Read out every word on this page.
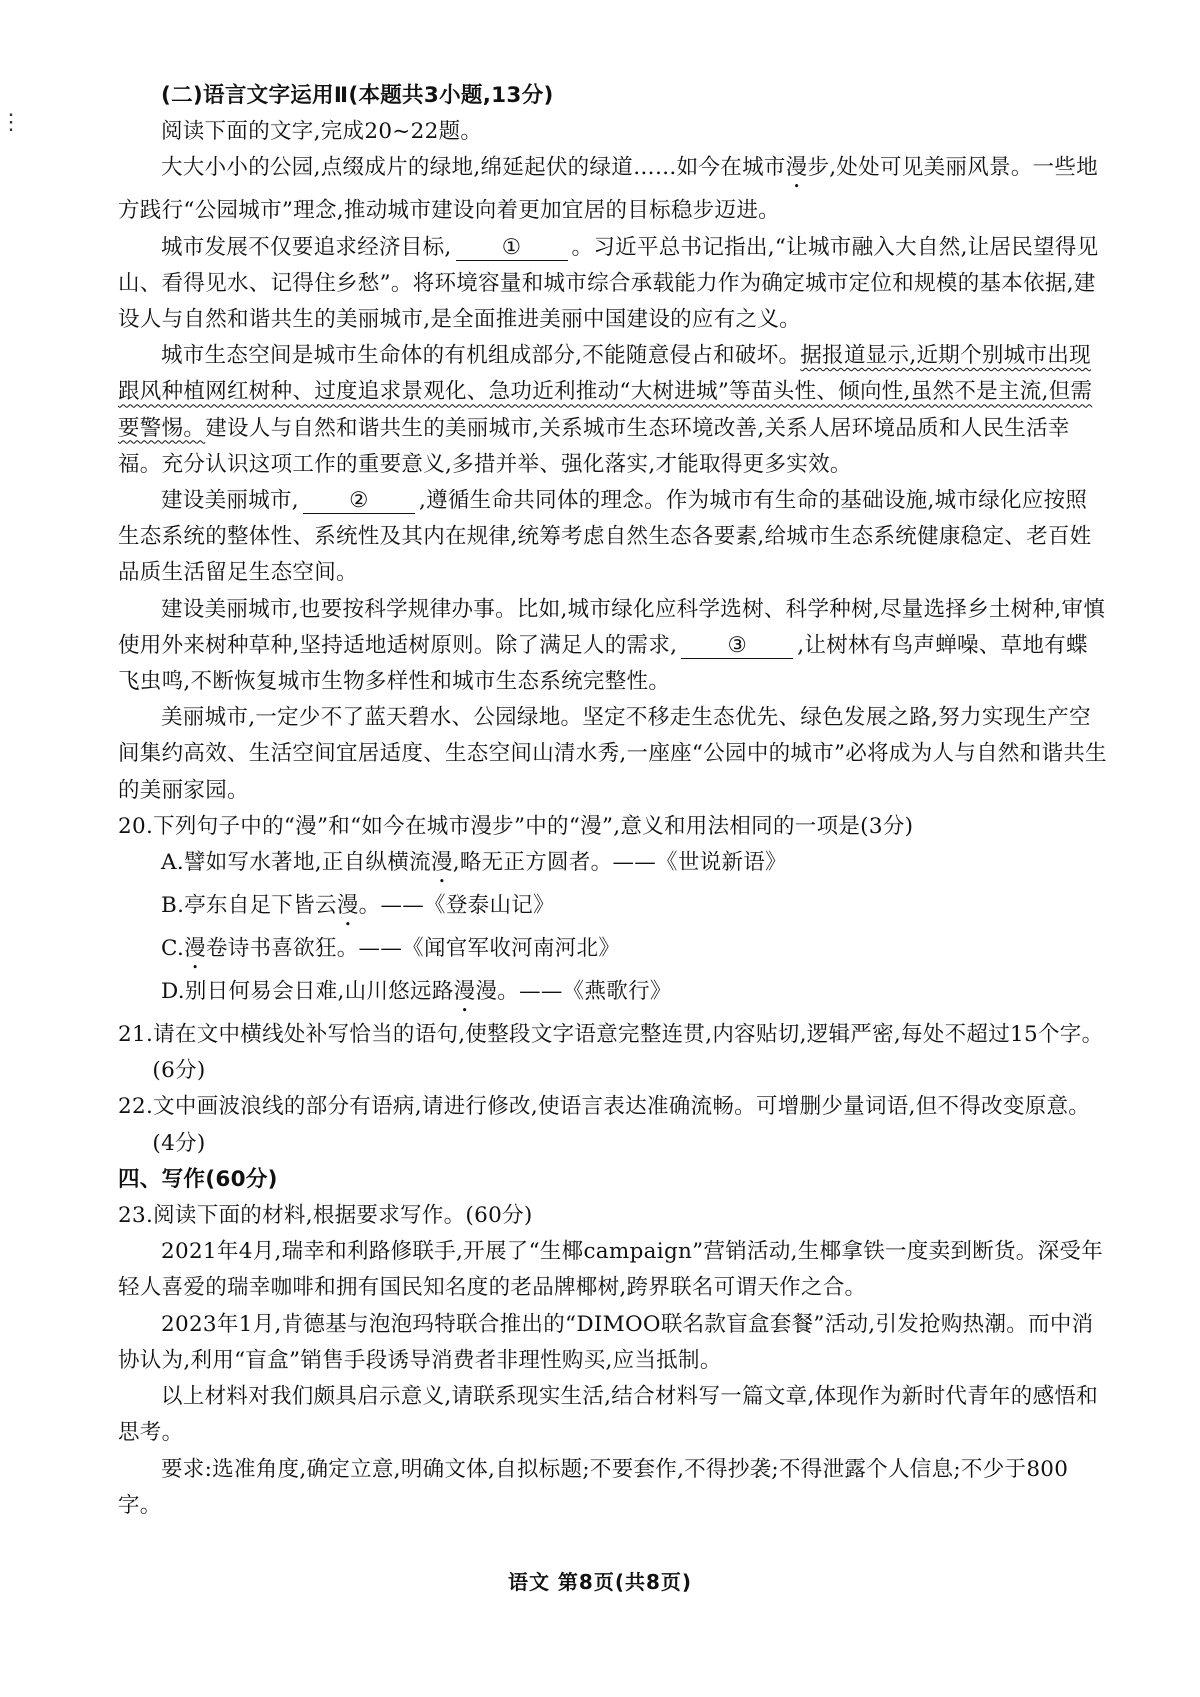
⋮

(二)语言文字运用Ⅱ(本题共3小题,13分)

阅读下面的文字,完成20~22题。

大大小小的公园,点缀成片的绿地,绵延起伏的绿道……如今在城市漫步,处处可见美丽风景。一些地方践行“公园城市”理念,推动城市建设向着更加宜居的目标稳步迈进。

城市发展不仅要追求经济目标, ① 。习近平总书记指出,“让城市融入大自然,让居民望得见山、看得见水、记得住乡愁”。将环境容量和城市综合承载能力作为确定城市定位和规模的基本依据,建设人与自然和谐共生的美丽城市,是全面推进美丽中国建设的应有之义。

城市生态空间是城市生命体的有机组成部分,不能随意侵占和破坏。据报道显示,近期个别城市出现跟风种植网红树种、过度追求景观化、急功近利推动“大树进城”等苗头性、倾向性,虽然不是主流,但需要警惕。建设人与自然和谐共生的美丽城市,关系城市生态环境改善,关系人居环境品质和人民生活幸福。充分认识这项工作的重要意义,多措并举、强化落实,才能取得更多实效。

建设美丽城市, ② ,遵循生命共同体的理念。作为城市有生命的基础设施,城市绿化应按照生态系统的整体性、系统性及其内在规律,统筹考虑自然生态各要素,给城市生态系统健康稳定、老百姓品质生活留足生态空间。

建设美丽城市,也要按科学规律办事。比如,城市绿化应科学选树、科学种树,尽量选择乡土树种,审慎使用外来树种草种,坚持适地适树原则。除了满足人的需求, ③ ,让树林有鸟声蝉噪、草地有蝶飞虫鸣,不断恢复城市生物多样性和城市生态系统完整性。

美丽城市,一定少不了蓝天碧水、公园绿地。坚定不移走生态优先、绿色发展之路,努力实现生产空间集约高效、生活空间宜居适度、生态空间山清水秀,一座座“公园中的城市”必将成为人与自然和谐共生的美丽家园。

20.下列句子中的“漫”和“如今在城市漫步”中的“漫”,意义和用法相同的一项是(3分)

A.譬如写水著地,正自纵横流漫,略无正方圆者。——《世说新语》

B.亭东自足下皆云漫。——《登泰山记》

C.漫卷诗书喜欲狂。——《闻官军收河南河北》

D.别日何易会日难,山川悠远路漫漫。——《燕歌行》

21.请在文中横线处补写恰当的语句,使整段文字语意完整连贯,内容贴切,逻辑严密,每处不超过15个字。(6分)

22.文中画波浪线的部分有语病,请进行修改,使语言表达准确流畅。可增删少量词语,但不得改变原意。(4分)

四、写作(60分)

23.阅读下面的材料,根据要求写作。(60分)

2021年4月,瑞幸和利路修联手,开展了“生椰campaign”营销活动,生椰拿铁一度卖到断货。深受年轻人喜爱的瑞幸咖啡和拥有国民知名度的老品牌椰树,跨界联名可谓天作之合。

2023年1月,肯德基与泡泡玛特联合推出的“DIMOO联名款盲盒套餐”活动,引发抢购热潮。而中消协认为,利用“盲盒”销售手段诱导消费者非理性购买,应当抵制。

以上材料对我们颇具启示意义,请联系现实生活,结合材料写一篇文章,体现作为新时代青年的感悟和思考。

要求:选准角度,确定立意,明确文体,自拟标题;不要套作,不得抄袭;不得泄露个人信息;不少于800字。

语文 第8页(共8页)
